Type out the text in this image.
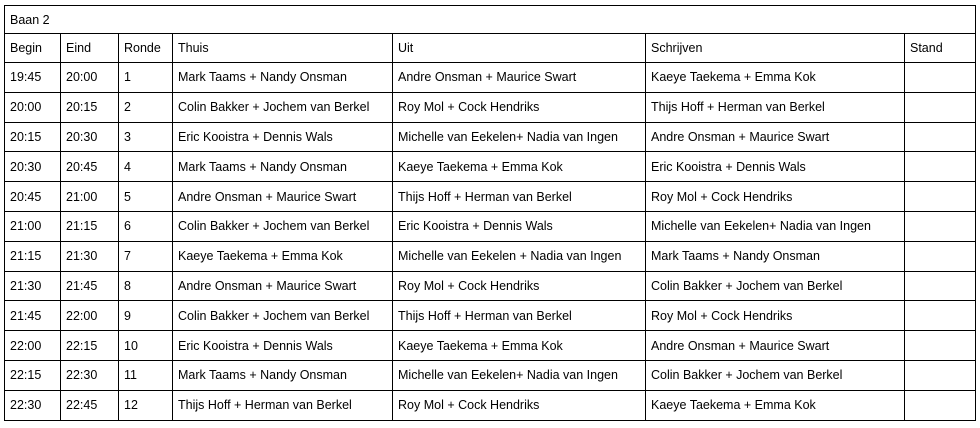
Baan 2						
Begin	Eind	Ronde	Thuis	Uit	Schrijven	Stand
19:45	20:00	1	Mark Taams + Nandy Onsman	Andre Onsman + Maurice Swart	Kaeye Taekema + Emma Kok	
20:00	20:15	2	Colin Bakker + Jochem van Berkel	Roy Mol + Cock Hendriks	Thijs Hoff + Herman van Berkel	
20:15	20:30	3	Eric Kooistra + Dennis Wals	Michelle van Eekelen+ Nadia van Ingen	Andre Onsman + Maurice Swart	
20:30	20:45	4	Mark Taams + Nandy Onsman	Kaeye Taekema + Emma Kok	Eric Kooistra + Dennis Wals	
20:45	21:00	5	Andre Onsman + Maurice Swart	Thijs Hoff + Herman van Berkel	Roy Mol + Cock Hendriks	
21:00	21:15	6	Colin Bakker + Jochem van Berkel	Eric Kooistra + Dennis Wals	Michelle van Eekelen+ Nadia van Ingen	
21:15	21:30	7	Kaeye Taekema + Emma Kok	Michelle van Eekelen + Nadia van Ingen	Mark Taams + Nandy Onsman	
21:30	21:45	8	Andre Onsman + Maurice Swart	Roy Mol + Cock Hendriks	Colin Bakker + Jochem van Berkel	
21:45	22:00	9	Colin Bakker + Jochem van Berkel	Thijs Hoff + Herman van Berkel	Roy Mol + Cock Hendriks	
22:00	22:15	10	Eric Kooistra + Dennis Wals	Kaeye Taekema + Emma Kok	Andre Onsman + Maurice Swart	
22:15	22:30	11	Mark Taams + Nandy Onsman	Michelle van Eekelen+ Nadia van Ingen	Colin Bakker + Jochem van Berkel	
22:30	22:45	12	Thijs Hoff + Herman van Berkel	Roy Mol + Cock Hendriks	Kaeye Taekema + Emma Kok	
